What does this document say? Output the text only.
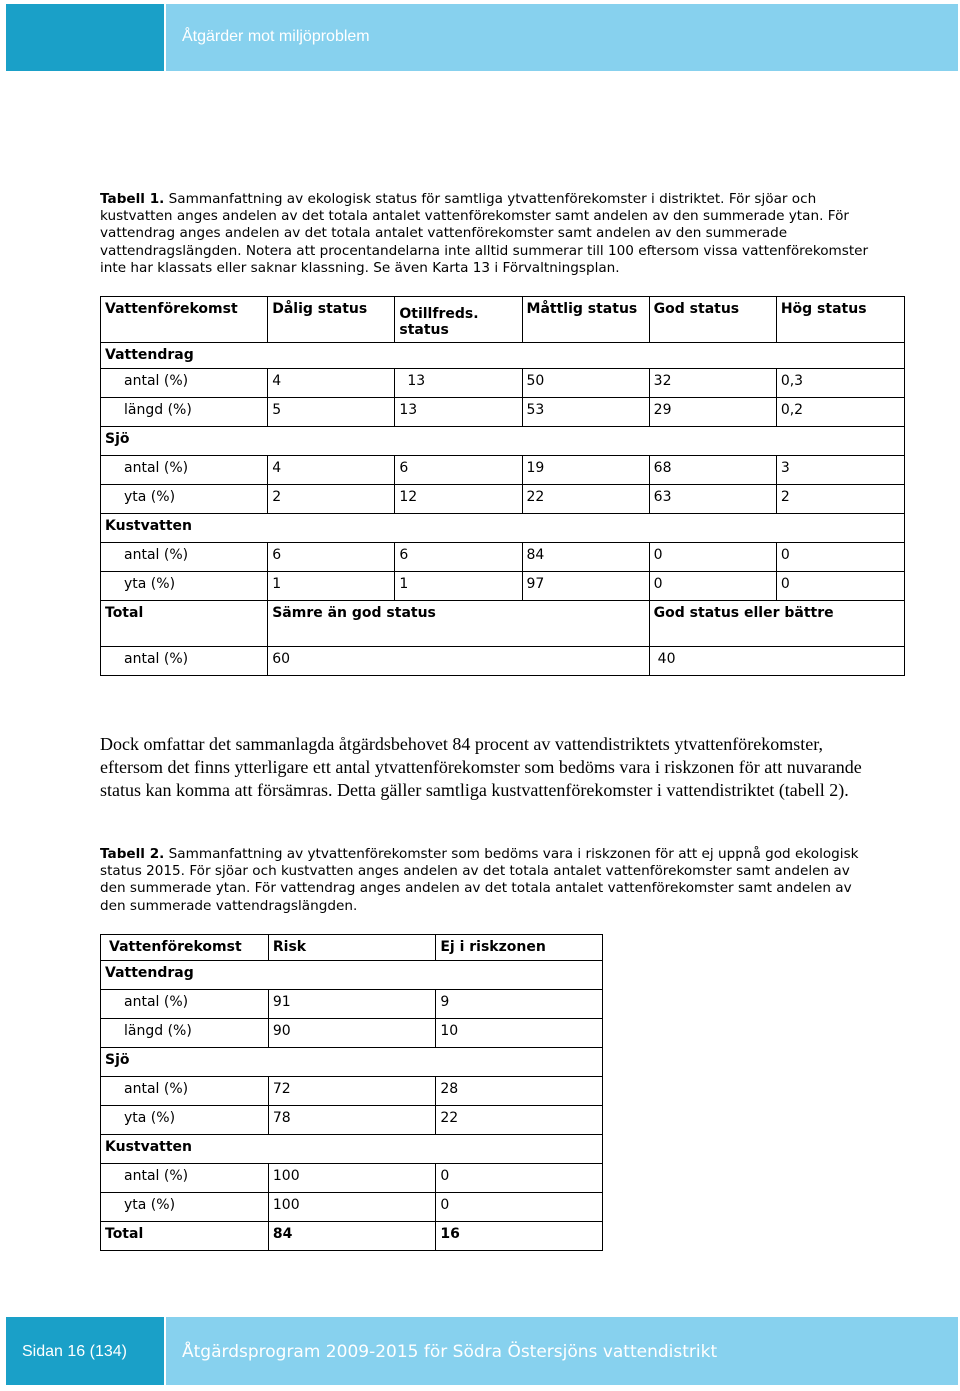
Åtgärder mot miljöproblem
Tabell 1. Sammanfattning av ekologisk status för samtliga ytvattenförekomster i distriktet. För sjöar och kustvatten anges andelen av det totala antalet vattenförekomster samt andelen av den summerade ytan. För vattendrag anges andelen av det totala antalet vattenförekomster samt andelen av den summerade vattendragslängden. Notera att procentandelarna inte alltid summerar till 100 eftersom vissa vattenförekomster inte har klassats eller saknar klassning. Se även Karta 13 i Förvaltningsplan.
Vattenförekomst	Dålig status	Otillfreds. status	Måttlig status	God status	Hög status
Vattendrag					
antal (%)	4	13	50	32	0,3
längd (%)	5	13	53	29	0,2
Sjö					
antal (%)	4	6	19	68	3
yta (%)	2	12	22	63	2
Kustvatten					
antal (%)	6	6	84	0	0
yta (%)	1	1	97	0	0
Total	Sämre än god status			God status eller bättre	
antal (%)	60			40	
Dock omfattar det sammanlagda åtgärdsbehovet 84 procent av vattendistriktets ytvattenförekomster, eftersom det finns ytterligare ett antal ytvattenförekomster som bedöms vara i riskzonen för att nuvarande status kan komma att försämras. Detta gäller samtliga kustvattenförekomster i vattendistriktet (tabell 2).
Tabell 2. Sammanfattning av ytvattenförekomster som bedöms vara i riskzonen för att ej uppnå god ekologisk status 2015. För sjöar och kustvatten anges andelen av det totala antalet vattenförekomster samt andelen av den summerade ytan. För vattendrag anges andelen av det totala antalet vattenförekomster samt andelen av den summerade vattendragslängden.
Vattenförekomst	Risk	Ej i riskzonen
Vattendrag		
antal (%)	91	9
längd (%)	90	10
Sjö		
antal (%)	72	28
yta (%)	78	22
Kustvatten		
antal (%)	100	0
yta (%)	100	0
Total	84	16
Sidan 16 (134)	Åtgärdsprogram 2009-2015 för Södra Östersjöns vattendistrikt
